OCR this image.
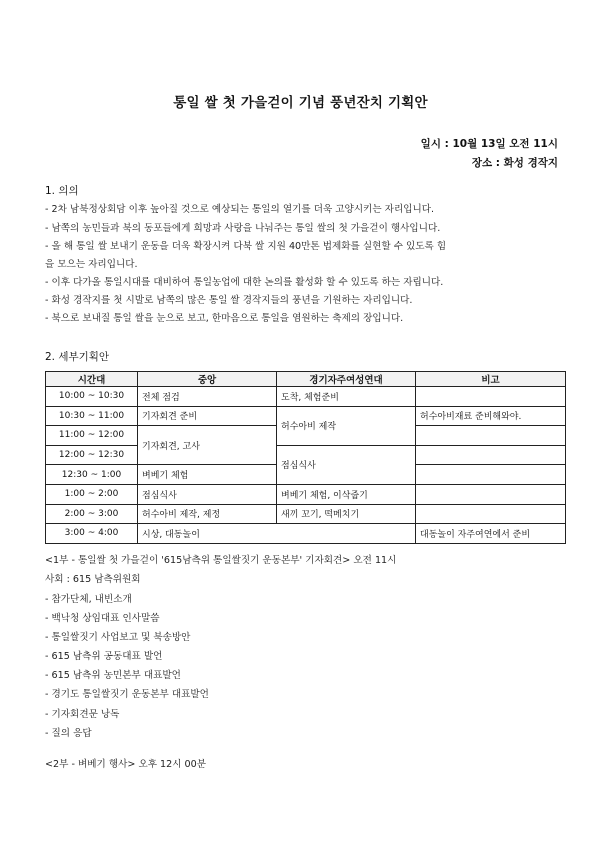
통일 쌀 첫 가을걷이 기념 풍년잔치 기획안
일시 : 10월 13일 오전 11시
장소 : 화성 경작지
1. 의의
- 2차 남북정상회담 이후 높아질 것으로 예상되는 통일의 열기를 더욱 고양시키는 자리입니다.
- 남쪽의 농민들과 북의 동포들에게 희망과 사랑을 나눠주는 통일 쌀의 첫 가을걷이 행사입니다.
- 올 해 통일 쌀 보내기 운동을 더욱 확장시켜 다북 쌀 지원 40만톤 법제화를 실현할 수 있도록 힘
을 모으는 자리입니다.
- 이후 다가올 통일시대를 대비하여 통일농업에 대한 논의를 활성화 할 수 있도록 하는 자립니다.
- 화성 경작지를 첫 시발로 남쪽의 많은 통일 쌀 경작지들의 풍년을 기원하는 자리입니다.
- 북으로 보내질 통일 쌀을 눈으로 보고, 한마음으로 통일을 염원하는 축제의 장입니다.
2. 세부기획안
시간대	중앙	경기자주여성연대	비고
10:00 ~ 10:30	전체 점검	도착, 체험준비	
10:30 ~ 11:00	기자회견 준비	허수아비 제작	허수아비재료 준비해와야.
11:00 ~ 12:00	기자회견, 고사		
12:00 ~ 12:30		점심식사	
12:30 ~ 1:00	벼베기 체험		
1:00 ~ 2:00	점심식사	벼베기 체험, 이삭줍기	
2:00 ~ 3:00	허수아비 제작, 제정	새끼 꼬기, 떡메치기	
3:00 ~ 4:00	시상, 대동놀이		대동놀이 자주여연에서 준비
<1부 - 통일쌀 첫 가을걷이 '615남측위 통일쌀짓기 운동본부' 기자회견> 오전 11시
사회 : 615 남측위원회
- 참가단체, 내빈소개
- 백낙청 상임대표 인사말씀
- 통일쌀짓기 사업보고 및 북송방안
- 615 남측위 공동대표 발언
- 615 남측위 농민본부 대표발언
- 경기도 통일쌀짓기 운동본부 대표발언
- 기자회견문 낭독
- 질의 응답
<2부 - 벼베기 행사> 오후 12시 00분
